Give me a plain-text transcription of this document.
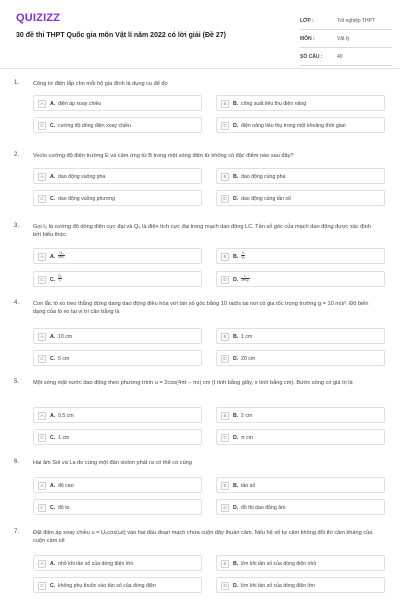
QUIZIZZ
30 đề thi THPT Quốc gia môn Vật lí năm 2022 có lời giải (Đề 27)
LỚP :	Tốt nghiệp THPT
MÔN :	Vật lý
SỐ CÂU :	40
1. Công tơ điện lắp cho mỗi hộ gia đình là dụng cụ để đo
A	A. điện áp xoay chiều	B	B. công suất tiêu thụ điện năng
C	C. cường độ dòng điện xoay chiều	D	D. điện năng tiêu thụ trong một khoảng thời gian
2. Vecto cường độ điện trường E và cảm ứng từ B trong một sóng điện từ không có đặc điểm nào sau đây?
A	A. dao động vuông pha	B	B. dao động cùng pha
C	C. dao động vuông phương	D	D. dao động cùng tần số
3. Gọi I₀ là cường độ dòng điện cực đại và Q₀ là điện tích cực đại trong mạch dao động LC. Tần số góc của mạch dao động được xác định bởi biểu thức
A	A. $\frac{\text{Q₀}}{\text{2πI₀}}$	B	B. $\frac{\text{I₀}}{\text{Q₀}}$
C	C. $\frac{\text{Q₀}}{\text{I₀}}$	D	D. $\frac{\text{I₀}}{\text{2πQ₀}}$
4. Con lắc lò xo treo thẳng đứng dang dao động điều hòa với tần số góc bằng 10 rad/s tại nơi có gia tốc trọng trường g = 10 m/s². Độ biến dạng của lò xo tại vị trí cân bằng là
A	A. 10 cm	B	B. 1 cm
C	C. 5 cm	D	D. 20 cm
5. Một sóng mặt nước dao động theo phương trình u = 2cos(4πt − πx) cm (t tính bằng giây, x tính bằng cm). Bước sóng có giá trị là
A	A. 0,5 cm	B	B. 2 cm
C	C. 1 cm	D	D. π cm
6. Hai âm Sol và La do cùng một đàn violon phát ra có thể có cùng
A	A. độ cao	B	B. tần số
C	C. độ to	D	D. đồ thị dao động âm
7. Đặt điện áp xoay chiều u = U₀cos(ωt) vào hai đầu đoạn mạch chứa cuộn dây thuần cảm. Nếu hệ số tự cảm không đổi thì cảm kháng của cuộn cảm sẽ
A	A. nhỏ khi tần số của dòng điện lớn	B	B. lớn khi tần số của dòng điện nhỏ
C	C. không phụ thuộc vào tần số của dòng điện	D	D. lớn khi tần số của dòng điện lớn
